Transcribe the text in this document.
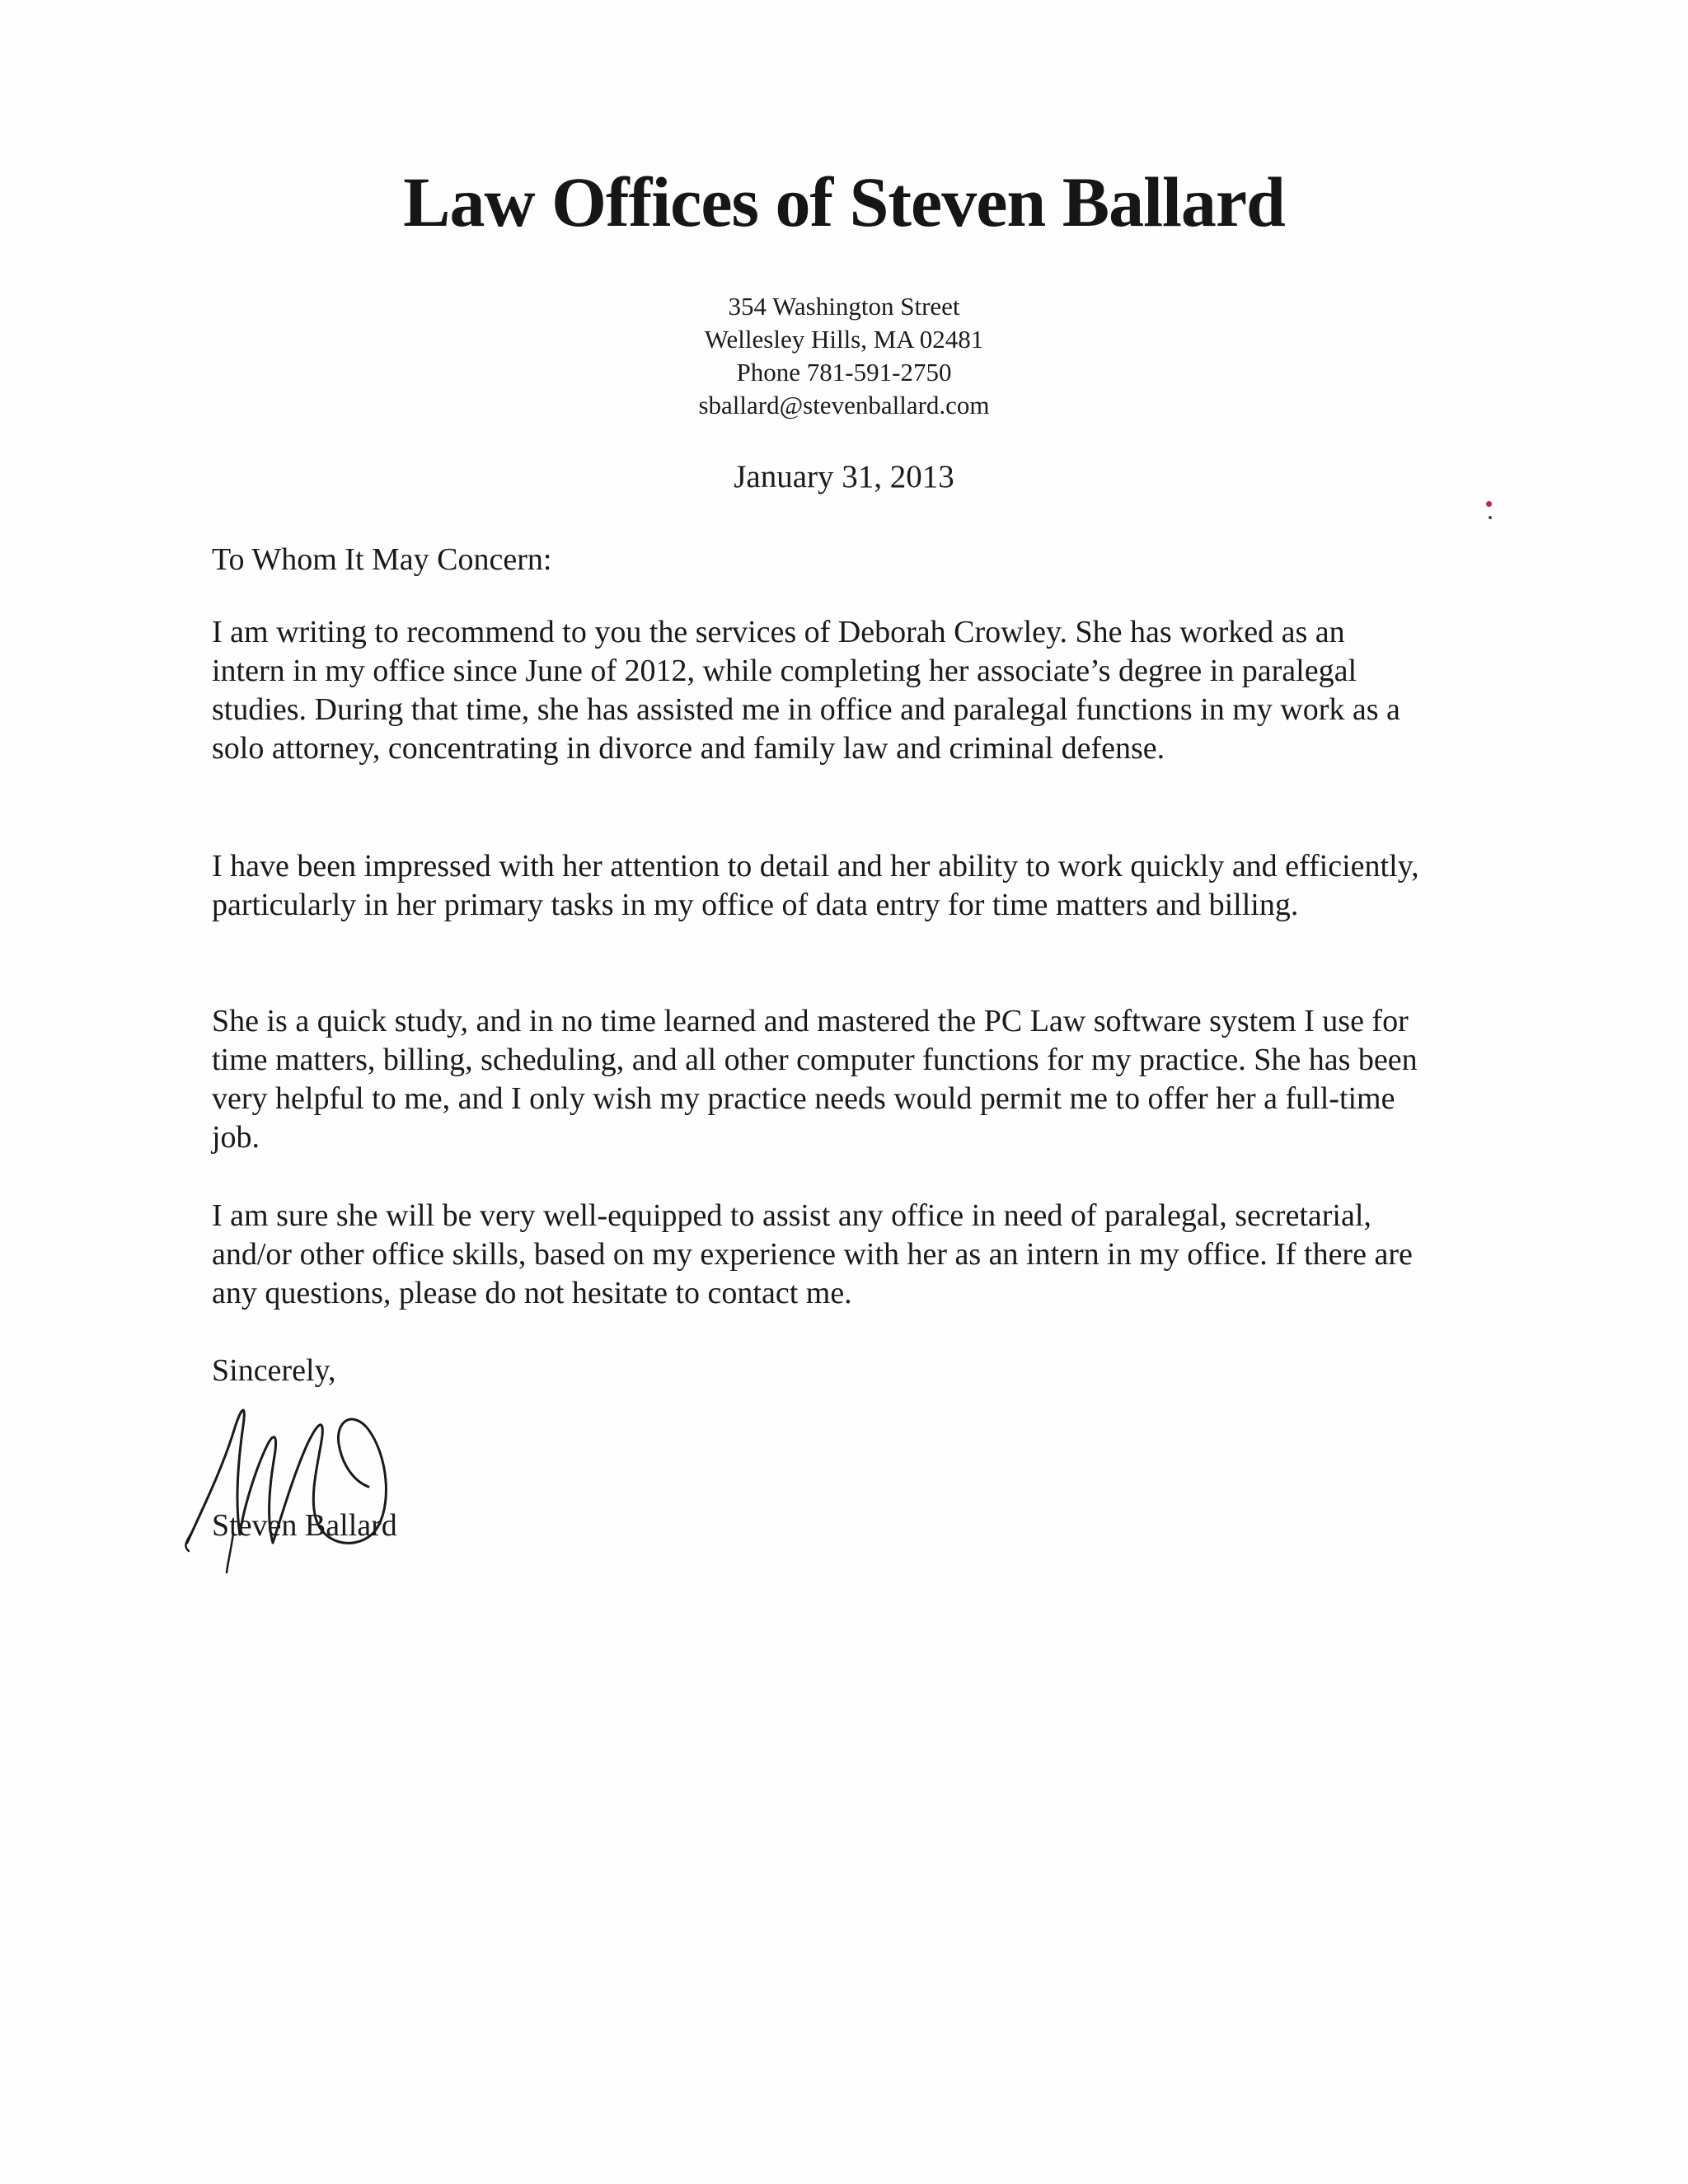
Law Offices of Steven Ballard
354 Washington Street
Wellesley Hills, MA 02481
Phone 781-591-2750
sballard@stevenballard.com
January 31, 2013

To Whom It May Concern:

I am writing to recommend to you the services of Deborah Crowley. She has worked as an intern in my office since June of 2012, while completing her associate’s degree in paralegal studies. During that time, she has assisted me in office and paralegal functions in my work as a solo attorney, concentrating in divorce and family law and criminal defense.

I have been impressed with her attention to detail and her ability to work quickly and efficiently, particularly in her primary tasks in my office of data entry for time matters and billing.

She is a quick study, and in no time learned and mastered the PC Law software system I use for time matters, billing, scheduling, and all other computer functions for my practice. She has been very helpful to me, and I only wish my practice needs would permit me to offer her a full-time job.

I am sure she will be very well-equipped to assist any office in need of paralegal, secretarial, and/or other office skills, based on my experience with her as an intern in my office. If there are any questions, please do not hesitate to contact me.

Sincerely,

Steven Ballard
